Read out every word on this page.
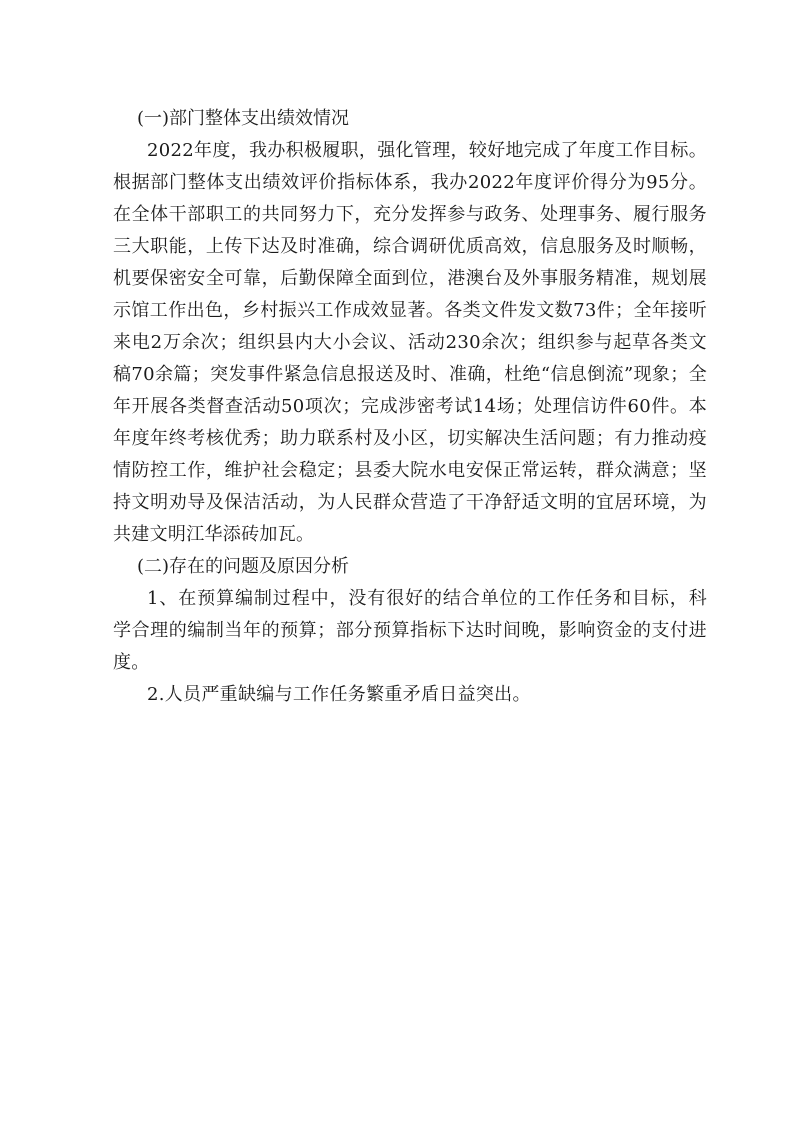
(一)部门整体支出绩效情况

2022年度，我办积极履职，强化管理，较好地完成了年度工作目标。根据部门整体支出绩效评价指标体系，我办2022年度评价得分为95分。在全体干部职工的共同努力下，充分发挥参与政务、处理事务、履行服务三大职能，上传下达及时准确，综合调研优质高效，信息服务及时顺畅，机要保密安全可靠，后勤保障全面到位，港澳台及外事服务精准，规划展示馆工作出色，乡村振兴工作成效显著。各类文件发文数73件；全年接听来电2万余次；组织县内大小会议、活动230余次；组织参与起草各类文稿70余篇；突发事件紧急信息报送及时、准确，杜绝“信息倒流”现象；全年开展各类督查活动50项次；完成涉密考试14场；处理信访件60件。本年度年终考核优秀；助力联系村及小区，切实解决生活问题；有力推动疫情防控工作，维护社会稳定；县委大院水电安保正常运转，群众满意；坚持文明劝导及保洁活动，为人民群众营造了干净舒适文明的宜居环境，为共建文明江华添砖加瓦。

(二)存在的问题及原因分析

1、在预算编制过程中，没有很好的结合单位的工作任务和目标，科学合理的编制当年的预算；部分预算指标下达时间晚，影响资金的支付进度。

2.人员严重缺编与工作任务繁重矛盾日益突出。
